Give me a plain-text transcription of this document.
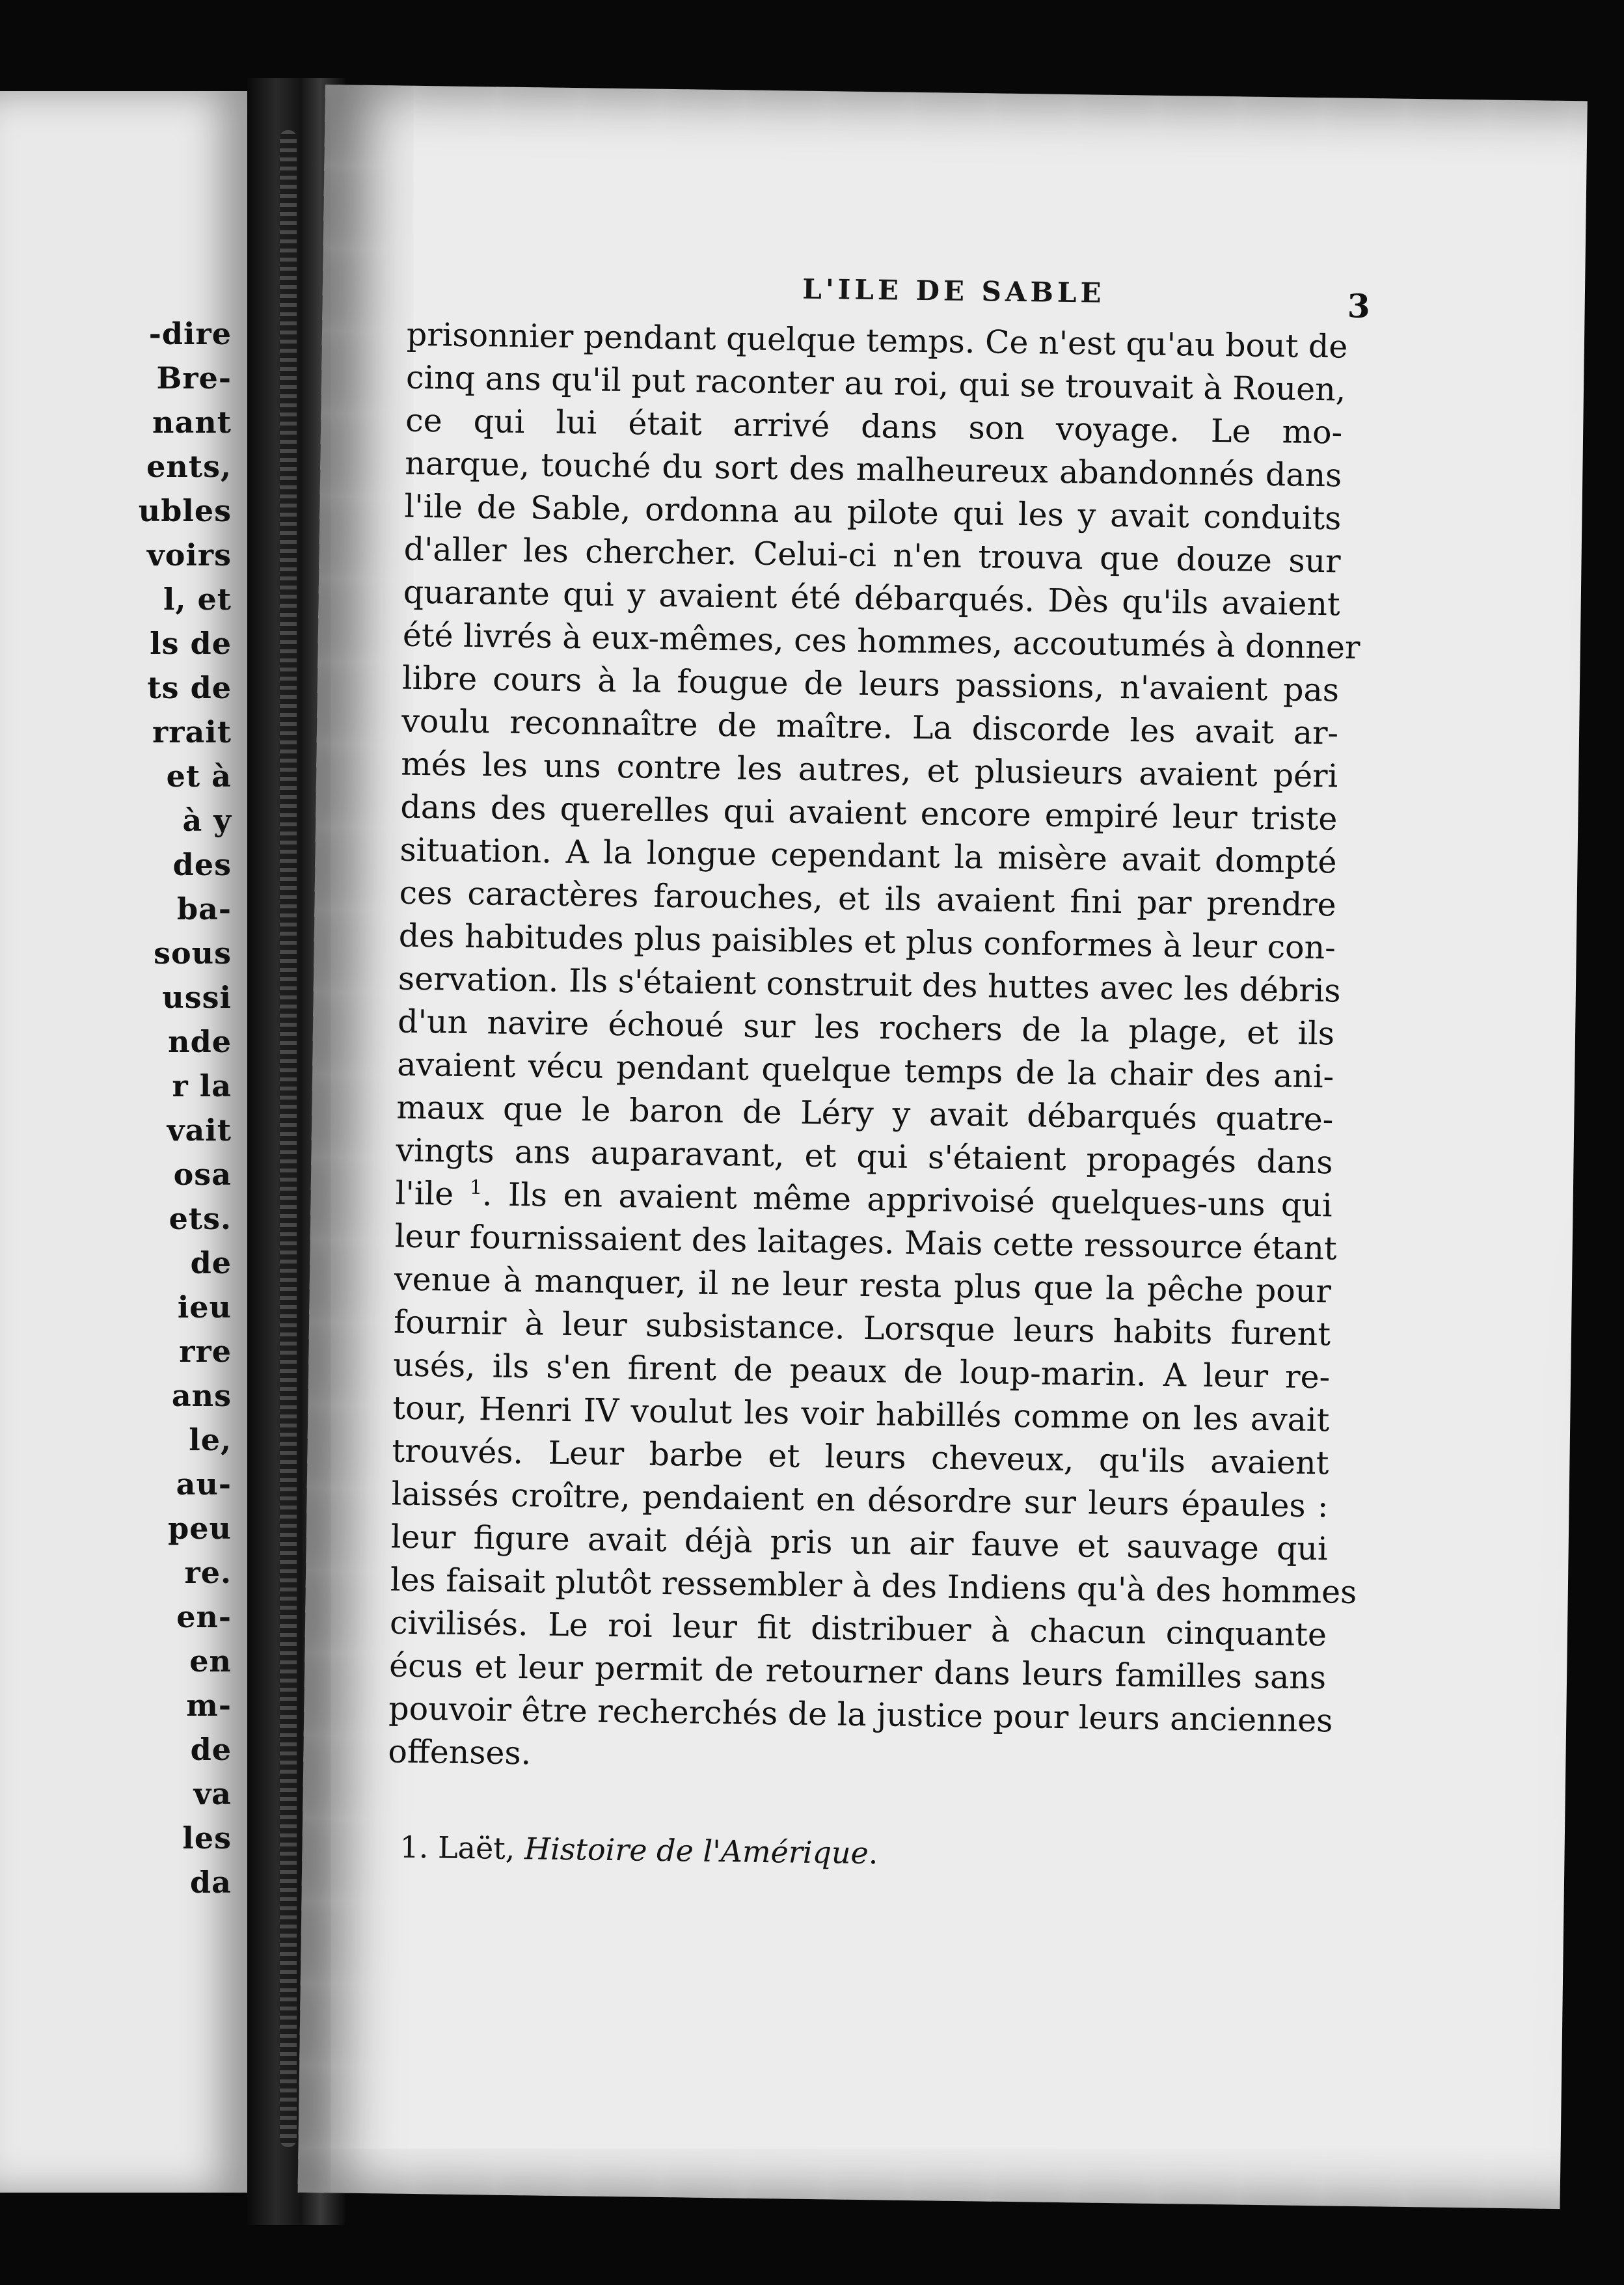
-dire

Bre-

nant

ents,

ubles

voirs

l, et

ls de

ts de

rrait

et à

à y

des

ba-

sous

ussi

nde

r la

vait

osa

ets.

de

ieu

rre

ans

le,

au-

peu

re.

en-

en

m-

de

va

les

da

L'ILE DE SABLE	3

prisonnier pendant quelque temps. Ce n'est qu'au bout de
cinq ans qu'il put raconter au roi, qui se trouvait à Rouen,
ce qui lui était arrivé dans son voyage. Le mo-
narque, touché du sort des malheureux abandonnés dans
l'ile de Sable, ordonna au pilote qui les y avait conduits
d'aller les chercher. Celui-ci n'en trouva que douze sur
quarante qui y avaient été débarqués. Dès qu'ils avaient
été livrés à eux-mêmes, ces hommes, accoutumés à donner
libre cours à la fougue de leurs passions, n'avaient pas
voulu reconnaître de maître. La discorde les avait ar-
més les uns contre les autres, et plusieurs avaient péri
dans des querelles qui avaient encore empiré leur triste
situation. A la longue cependant la misère avait dompté
ces caractères farouches, et ils avaient fini par prendre
des habitudes plus paisibles et plus conformes à leur con-
servation. Ils s'étaient construit des huttes avec les débris
d'un navire échoué sur les rochers de la plage, et ils
avaient vécu pendant quelque temps de la chair des ani-
maux que le baron de Léry y avait débarqués quatre-
vingts ans auparavant, et qui s'étaient propagés dans
l'ile $^1$. Ils en avaient même apprivoisé quelques-uns qui
leur fournissaient des laitages. Mais cette ressource étant
venue à manquer, il ne leur resta plus que la pêche pour
fournir à leur subsistance. Lorsque leurs habits furent
usés, ils s'en firent de peaux de loup-marin. A leur re-
tour, Henri IV voulut les voir habillés comme on les avait
trouvés. Leur barbe et leurs cheveux, qu'ils avaient
laissés croître, pendaient en désordre sur leurs épaules :
leur figure avait déjà pris un air fauve et sauvage qui
les faisait plutôt ressembler à des Indiens qu'à des hommes
civilisés. Le roi leur fit distribuer à chacun cinquante
écus et leur permit de retourner dans leurs familles sans
pouvoir être recherchés de la justice pour leurs anciennes
offenses.

1. Laët, Histoire de l'Amérique.
